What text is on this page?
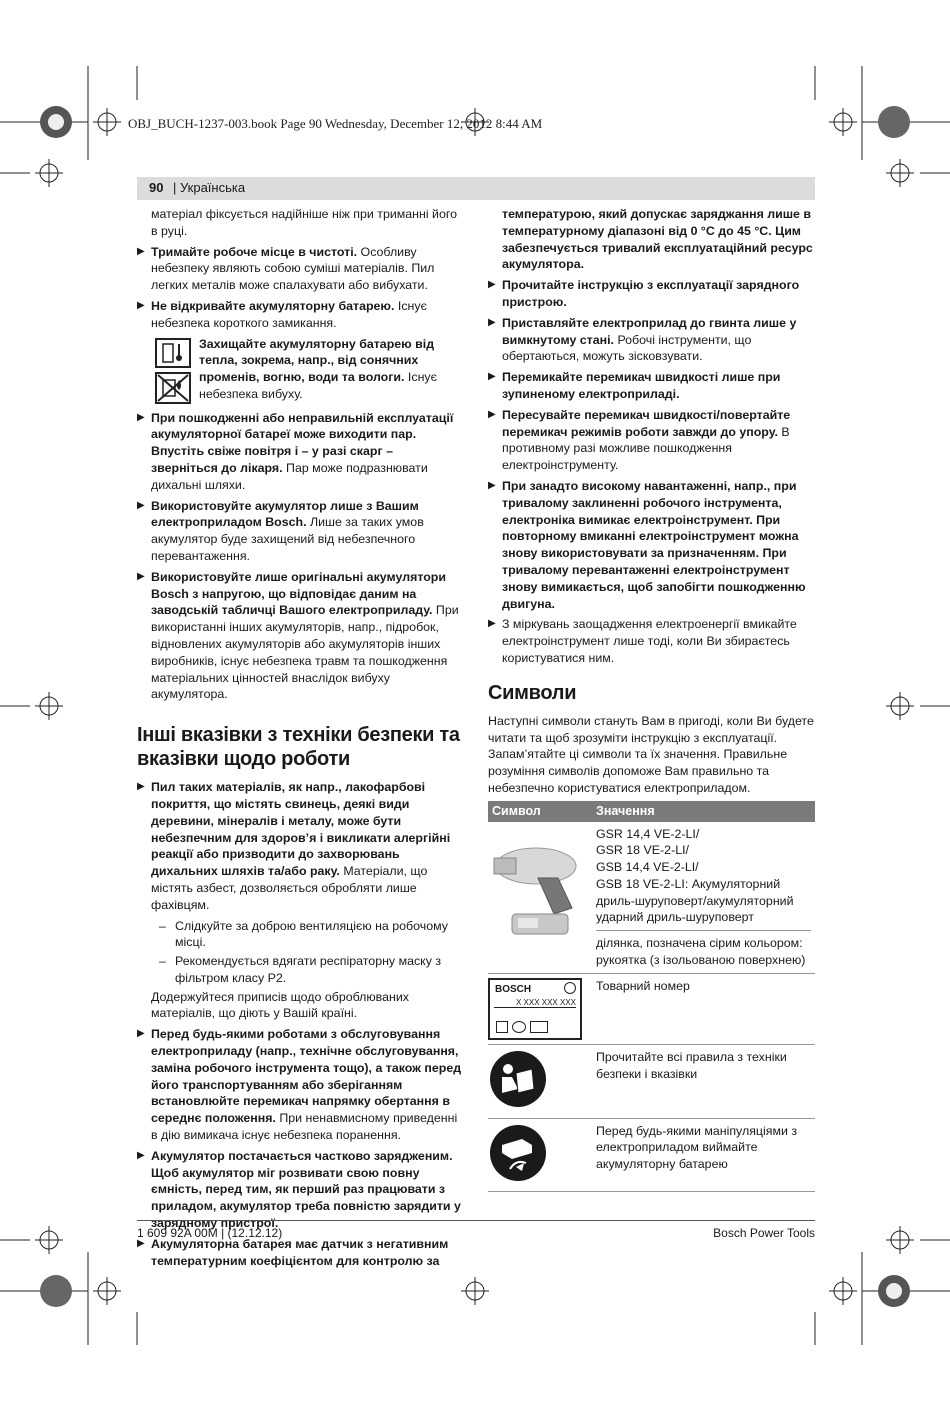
OBJ_BUCH-1237-003.book Page 90 Wednesday, December 12, 2012 8:44 AM
90 | Українська

матеріал фіксується надійніше ніж при триманні його в руці.

▶ Тримайте робоче місце в чистоті. Особливу небезпеку являють собою суміші матеріалів. Пил легких металів може спалахувати або вибухати.
▶ Не відкривайте акумуляторну батарею. Існує небезпека короткого замикання.
Захищайте акумуляторну батарею від тепла, зокрема, напр., від сонячних променів, вогню, води та вологи. Існує небезпека вибуху.
▶ При пошкодженні або неправильній експлуатації акумуляторної батареї може виходити пар. Впустіть свіже повітря і – у разі скарг – зверніться до лікаря. Пар може подразнювати дихальні шляхи.
▶ Використовуйте акумулятор лише з Вашим електроприладом Bosch. Лише за таких умов акумулятор буде захищений від небезпечного перевантаження.
▶ Використовуйте лише оригінальні акумулятори Bosch з напругою, що відповідає даним на заводській табличці Вашого електроприладу. При використанні інших акумуляторів, напр., підробок, відновлених акумуляторів або акумуляторів інших виробників, існує небезпека травм та пошкодження матеріальних цінностей внаслідок вибуху акумулятора.
Інші вказівки з техніки безпеки та вказівки щодо роботи
▶ Пил таких матеріалів, як напр., лакофарбові покриття, що містять свинець, деякі види деревини, мінералів і металу, може бути небезпечним для здоров’я і викликати алергійні реакції або призводити до захворювань дихальних шляхів та/або раку. Матеріали, що містять азбест, дозволяється обробляти лише фахівцям.
– Слідкуйте за доброю вентиляцією на робочому місці.
– Рекомендується вдягати респіраторну маску з фільтром класу P2.

Додержуйтеся приписів щодо оброблюваних матеріалів, що діють у Вашій країні.

▶ Перед будь-якими роботами з обслуговування електроприладу (напр., технічне обслуговування, заміна робочого інструмента тощо), а також перед його транспортуванням або зберіганням встановлюйте перемикач напрямку обертання в середнє положення. При ненавмисному приведенні в дію вимикача існує небезпека поранення.
▶ Акумулятор постачається частково зарядженим. Щоб акумулятор міг розвивати свою повну ємність, перед тим, як перший раз працювати з приладом, акумулятор треба повністю зарядити у зарядному пристрої.
▶ Акумуляторна батарея має датчик з негативним температурним коефіцієнтом для контролю за

температурою, який допускає заряджання лише в температурному діапазоні від 0 °C до 45 °C. Цим забезпечується тривалий експлуатаційний ресурс акумулятора.

▶ Прочитайте інструкцію з експлуатації зарядного пристрою.
▶ Приставляйте електроприлад до гвинта лише у вимкнутому стані. Робочі інструменти, що обертаються, можуть зісковзувати.
▶ Перемикайте перемикач швидкості лише при зупиненому електроприладі.
▶ Пересувайте перемикач швидкості/повертайте перемикач режимів роботи завжди до упору. В противному разі можливе пошкодження електроінструменту.
▶ При занадто високому навантаженні, напр., при тривалому заклиненні робочого інструмента, електроніка вимикає електроінструмент. При повторному вмиканні електроінструмент можна знову використовувати за призначенням. При тривалому перевантаженні електроінструмент знову вимикається, щоб запобігти пошкодженню двигуна.
▶ З міркувань заощадження електроенергії вмикайте електроінструмент лише тоді, коли Ви збираєтесь користуватися ним.
Символи

Наступні символи стануть Вам в пригоді, коли Ви будете читати та щоб зрозуміти інструкцію з експлуатації. Запам’ятайте ці символи та їх значення. Правильне розуміння символів допоможе Вам правильно та небезпечно користуватися електроприладом.

Символ	Значення

GSR 14,4 VE-2-LI/
GSR 18 VE-2-LI/
GSB 14,4 VE-2-LI/
GSB 18 VE-2-LI: Акумуляторний дриль-шуруповерт/акумуляторний ударний дриль-шуруповерт
ділянка, позначена сірим кольором: рукоятка (з ізольованою поверхнею)

BOSCH
X XXX XXX XXX	Товарний номер
	Прочитайте всі правила з техніки безпеки і вказівки
	Перед будь-якими маніпуляціями з електроприладом виймайте акумуляторну батарею
1 609 92A 00M | (12.12.12)	Bosch Power Tools
